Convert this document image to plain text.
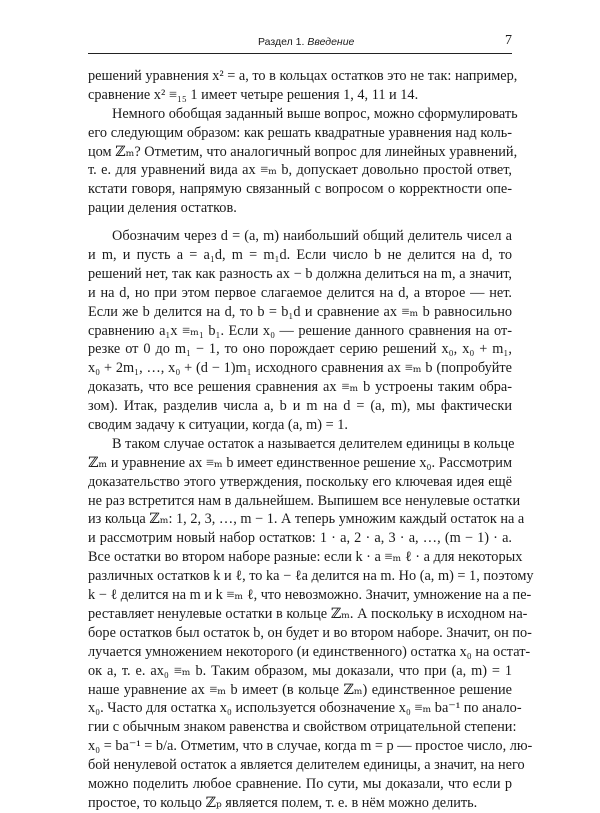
Раздел 1. Введение	7
решений уравнения x² = a, то в кольцах остатков это не так: например,
сравнение x² ≡₁₅ 1 имеет четыре решения 1, 4, 11 и 14.
Немного обобщая заданный выше вопрос, можно сформулировать
его следующим образом: как решать квадратные уравнения над коль-
цом ℤₘ? Отметим, что аналогичный вопрос для линейных уравнений,
т. е. для уравнений вида ax ≡ₘ b, допускает довольно простой ответ,
кстати говоря, напрямую связанный с вопросом о корректности опе-
рации деления остатков.
Обозначим через d = (a, m) наибольший общий делитель чисел a
и m, и пусть a = a₁d, m = m₁d. Если число b не делится на d, то
решений нет, так как разность ax − b должна делиться на m, а значит,
и на d, но при этом первое слагаемое делится на d, а второе — нет.
Если же b делится на d, то b = b₁d и сравнение ax ≡ₘ b равносильно
сравнению a₁x ≡ₘ₁ b₁. Если x₀ — решение данного сравнения на от-
резке от 0 до m₁ − 1, то оно порождает серию решений x₀, x₀ + m₁,
x₀ + 2m₁, …, x₀ + (d − 1)m₁ исходного сравнения ax ≡ₘ b (попробуйте
доказать, что все решения сравнения ax ≡ₘ b устроены таким обра-
зом). Итак, разделив числа a, b и m на d = (a, m), мы фактически
сводим задачу к ситуации, когда (a, m) = 1.
В таком случае остаток a называется делителем единицы в кольце
ℤₘ и уравнение ax ≡ₘ b имеет единственное решение x₀. Рассмотрим
доказательство этого утверждения, поскольку его ключевая идея ещё
не раз встретится нам в дальнейшем. Выпишем все ненулевые остатки
из кольца ℤₘ: 1, 2, 3, …, m − 1. А теперь умножим каждый остаток на a
и рассмотрим новый набор остатков: 1 · a, 2 · a, 3 · a, …, (m − 1) · a.
Все остатки во втором наборе разные: если k · a ≡ₘ ℓ · a для некоторых
различных остатков k и ℓ, то ka − ℓa делится на m. Но (a, m) = 1, поэтому
k − ℓ делится на m и k ≡ₘ ℓ, что невозможно. Значит, умножение на a пе-
реставляет ненулевые остатки в кольце ℤₘ. А поскольку в исходном на-
боре остатков был остаток b, он будет и во втором наборе. Значит, он по-
лучается умножением некоторого (и единственного) остатка x₀ на остат-
ок a, т. е. ax₀ ≡ₘ b. Таким образом, мы доказали, что при (a, m) = 1
наше уравнение ax ≡ₘ b имеет (в кольце ℤₘ) единственное решение
x₀. Часто для остатка x₀ используется обозначение x₀ ≡ₘ ba⁻¹ по анало-
гии с обычным знаком равенства и свойством отрицательной степени:
x₀ = ba⁻¹ = b/a. Отметим, что в случае, когда m = p — простое число, лю-
бой ненулевой остаток a является делителем единицы, а значит, на него
можно поделить любое сравнение. По сути, мы доказали, что если p
простое, то кольцо ℤₚ является полем, т. е. в нём можно делить.
